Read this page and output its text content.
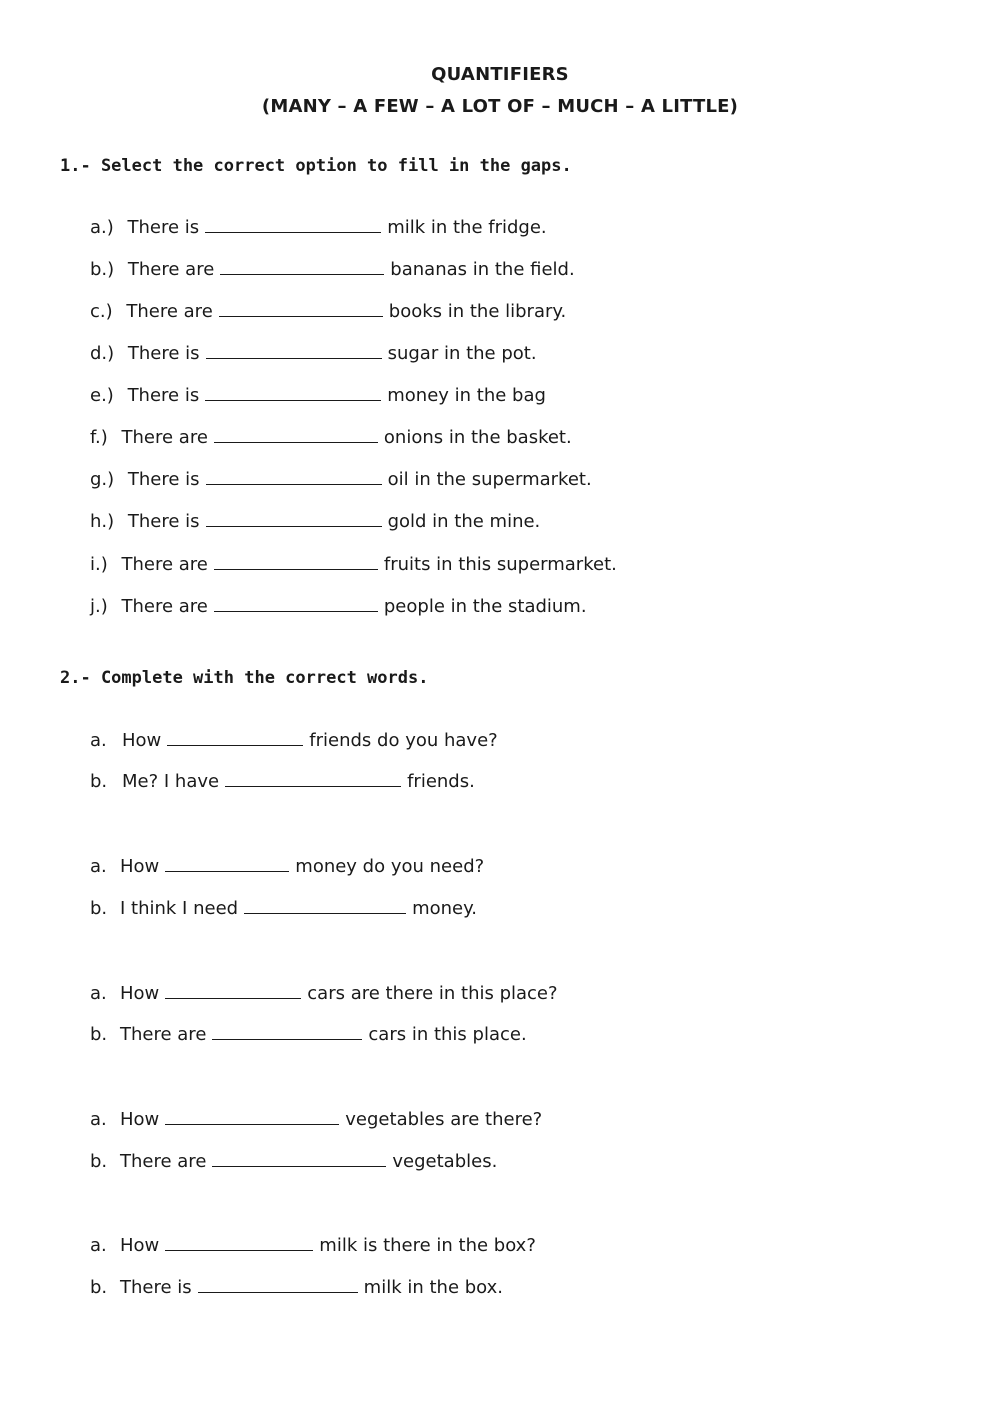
QUANTIFIERS
(MANY – A FEW – A LOT OF – MUCH – A LITTLE)
1.- Select the correct option to fill in the gaps.
a.) There is	milk in the fridge.
b.) There are	bananas in the field.
c.) There are	books in the library.
d.) There is	sugar in the pot.
e.) There is	money in the bag
f.) There are	onions in the basket.
g.) There is	oil in the supermarket.
h.) There is	gold in the mine.
i.) There are	fruits in this supermarket.
j.) There are	people in the stadium.
2.- Complete with the correct words.
a. How	friends do you have?
b. Me? I have	friends.
a. How	money do you need?
b. I think I need	money.
a. How	cars are there in this place?
b. There are	cars in this place.
a. How	vegetables are there?
b. There are	vegetables.
a. How	milk is there in the box?
b. There is	milk in the box.
